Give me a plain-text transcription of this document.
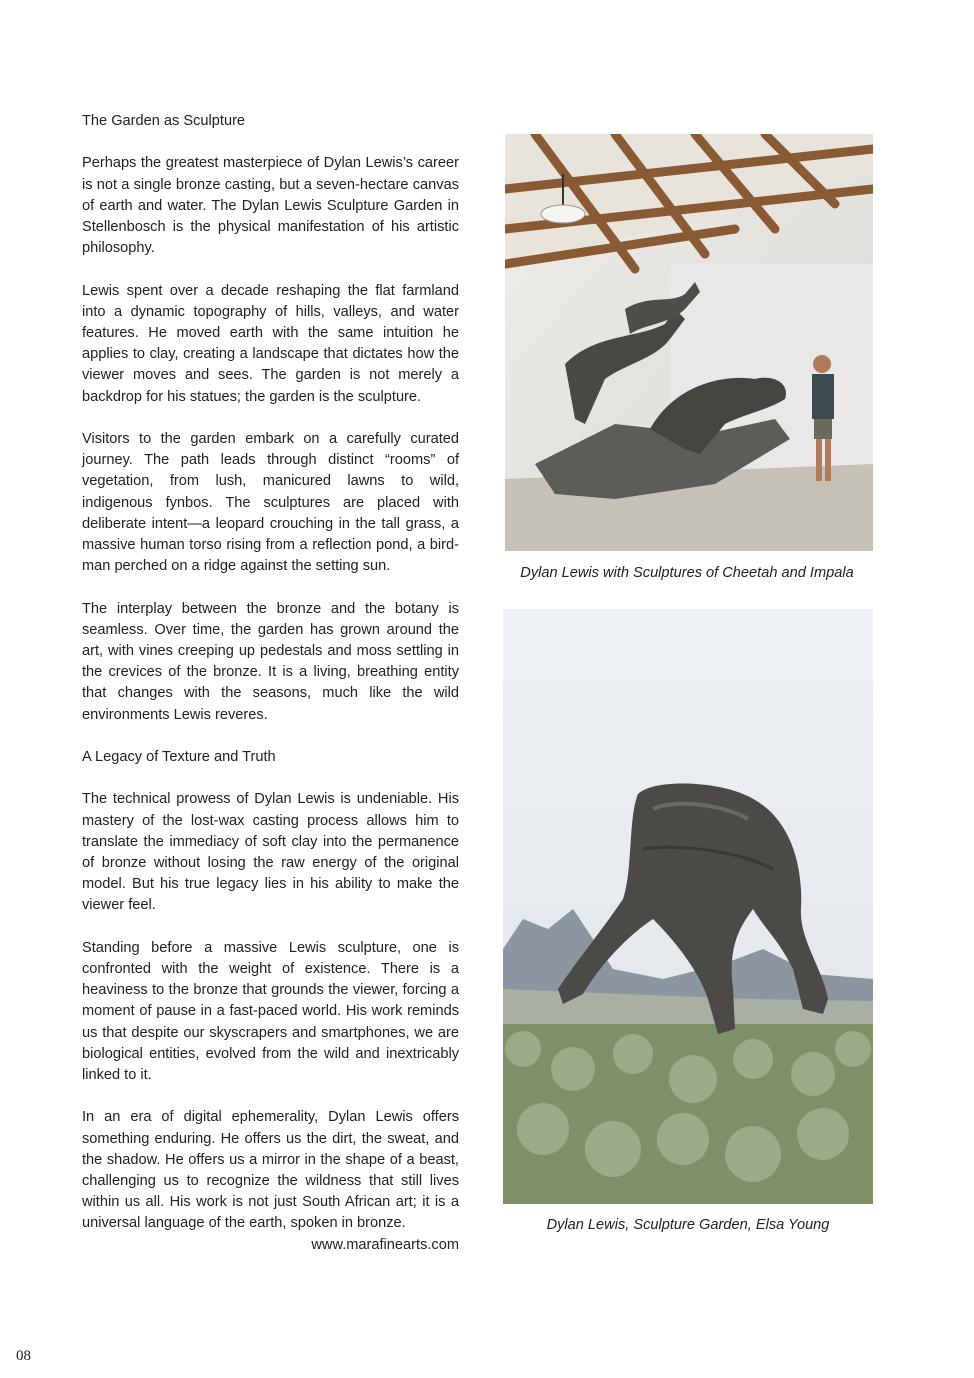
The Garden as Sculpture

Perhaps the greatest masterpiece of Dylan Lewis’s career is not a single bronze casting, but a seven-hectare canvas of earth and water. The Dylan Lewis Sculpture Garden in Stellenbosch is the physical manifestation of his artistic philosophy.

Lewis spent over a decade reshaping the flat farmland into a dynamic topography of hills, valleys, and water features. He moved earth with the same intuition he applies to clay, creating a landscape that dictates how the viewer moves and sees. The garden is not merely a backdrop for his statues; the garden is the sculpture.

Visitors to the garden embark on a carefully curated journey. The path leads through distinct “rooms” of vegetation, from lush, manicured lawns to wild, indigenous fynbos. The sculptures are placed with deliberate intent—a leopard crouching in the tall grass, a massive human torso rising from a reflection pond, a bird-man perched on a ridge against the setting sun.

The interplay between the bronze and the botany is seamless. Over time, the garden has grown around the art, with vines creeping up pedestals and moss settling in the crevices of the bronze. It is a living, breathing entity that changes with the seasons, much like the wild environments Lewis reveres.

A Legacy of Texture and Truth

The technical prowess of Dylan Lewis is undeniable. His mastery of the lost-wax casting process allows him to translate the immediacy of soft clay into the permanence of bronze without losing the raw energy of the original model. But his true legacy lies in his ability to make the viewer feel.

Standing before a massive Lewis sculpture, one is confronted with the weight of existence. There is a heaviness to the bronze that grounds the viewer, forcing a moment of pause in a fast-paced world. His work reminds us that despite our skyscrapers and smartphones, we are biological entities, evolved from the wild and inextricably linked to it.

In an era of digital ephemerality, Dylan Lewis offers something enduring. He offers us the dirt, the sweat, and the shadow. He offers us a mirror in the shape of a beast, challenging us to recognize the wildness that still lives within us all. His work is not just South African art; it is a universal language of the earth, spoken in bronze.

www.marafinearts.com

Dylan Lewis with Sculptures of Cheetah and Impala
Dylan Lewis, Sculpture Garden, Elsa Young
08
